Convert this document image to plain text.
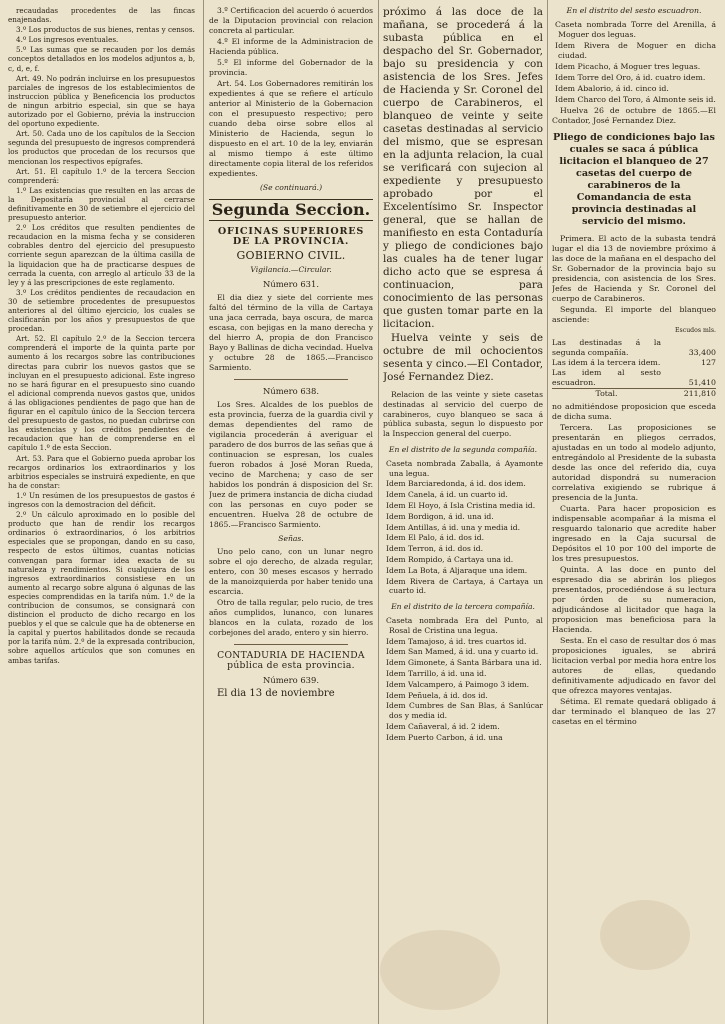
recaudadas procedentes de las fincas enajenadas.

3.º Los productos de sus bienes, rentas y censos.

4.º Los ingresos eventuales.

5.º Las sumas que se recauden por los demás conceptos detallados en los modelos adjuntos a, b, c, d, e, f.

Art. 49. No podrán incluirse en los presupuestos parciales de ingresos de los establecimientos de instruccion pública y Beneficencia los productos de ningun arbitrio especial, sin que se haya autorizado por el Gobierno, prévia la instruccion del oportuno expediente.

Art. 50. Cada uno de los capítulos de la Seccion segunda del presupuesto de ingresos comprenderá los productos que procedan de los recursos que mencionan los respectivos epígrafes.

Art. 51. El capítulo 1.º de la tercera Seccion comprenderá:

1.º Las existencias que resulten en las arcas de la Depositaría provincial al cerrarse definitivamente en 30 de setiembre el ejercicio del presupuesto anterior.

2.º Los créditos que resulten pendientes de recaudacion en la misma fecha y se consideren cobrables dentro del ejercicio del presupuesto corriente segun aparezcan de la última casilla de la liquidacion que ha de practicarse despues de cerrada la cuenta, con arreglo al artículo 33 de la ley y á las prescripciones de este reglamento.

3.º Los créditos pendientes de recaudacion en 30 de setiembre procedentes de presupuestos anteriores al del último ejercicio, los cuales se clasificarán por los años y presupuestos de que procedan.

Art. 52. El capítulo 2.º de la Seccion tercera comprenderá el importe de la quinta parte por aumento á los recargos sobre las contribuciones directas para cubrir los nuevos gastos que se incluyan en el presupuesto adicional. Este ingreso no se hará figurar en el presupuesto sino cuando el adicional comprenda nuevos gastos que, unidos á las obligaciones pendientes de pago que han de figurar en el capítulo único de la Seccion tercera del presupuesto de gastos, no puedan cubrirse con las existencias y los créditos pendientes de recaudacion que han de comprenderse en el capítulo 1.º de esta Seccion.

Art. 53. Para que el Gobierno pueda aprobar los recargos ordinarios los extraordinarios y los arbitrios especiales se instruirá expediente, en que ha de constar:

1.º Un resúmen de los presupuestos de gastos é ingresos con la demostracion del déficit.

2.º Un cálculo aproximado en lo posible del producto que han de rendir los recargos ordinarios ó extraordinarios, ó los arbitrios especiales que se propongan, dando en su caso, respecto de estos últimos, cuantas noticias convengan para formar idea exacta de su naturaleza y rendimientos. Si cualquiera de los ingresos extraordinarios consistiese en un aumento al recargo sobre alguna ó algunas de las especies comprendidas en la tarifa núm. 1.º de la contribucion de consumos, se consignará con distincion el producto de dicho recargo en los pueblos y el que se calcule que ha de obtenerse en la capital y puertos habilitados donde se recauda por la tarifa núm. 2.º de la expresada contribucion, sobre aquellos artículos que son comunes en ambas tarifas.

3.º Certificacion del acuerdo ó acuerdos de la Diputacion provincial con relacion concreta al particular.

4.º El informe de la Administracion de Hacienda pública.

5.º El informe del Gobernador de la provincia.

Art. 54. Los Gobernadores remitirán los expedientes á que se refiere el artículo anterior al Ministerio de la Gobernacion con el presupuesto respectivo; pero cuando deba oirse sobre ellos al Ministerio de Hacienda, segun lo dispuesto en el art. 10 de la ley, enviarán al mismo tiempo á este último directamente copia literal de los referidos expedientes.

(Se continuará.)
Segunda Seccion.
OFICINAS SUPERIORES DE LA PROVINCIA.
GOBIERNO CIVIL.
Vigilancia.—Circular.
Número 631.

El dia diez y siete del corriente mes faltó del término de la villa de Cartaya una jaca cerrada, baya oscura, de marca escasa, con bejigas en la mano derecha y del hierro A, propia de don Francisco Bayo y Ballinas de dicha vecindad. Huelva y octubre 28 de 1865.—Francisco Sarmiento.

Número 638.

Los Sres. Alcaldes de los pueblos de esta provincia, fuerza de la guardia civil y demas dependientes del ramo de vigilancia procederán á averiguar el paradero de dos burros de las señas que á continuacion se espresan, los cuales fueron robados á José Moran Rueda, vecino de Marchena; y caso de ser habidos los pondrán á disposicion del Sr. Juez de primera instancia de dicha ciudad con las personas en cuyo poder se encuentren. Huelva 28 de octubre de 1865.—Francisco Sarmiento.

Señas.

Uno pelo cano, con un lunar negro sobre el ojo derecho, de alzada regular, entero, con 30 meses escasos y herrado de la manoizquierda por haber tenido una escarcia.

Otro de talla regular, pelo rucio, de tres años cumplidos, lunanco, con lunares blancos en la culata, rozado de los corbejones del arado, entero y sin hierro.

CONTADURIA DE HACIENDA pública de esta provincia.
Número 639.

El dia 13 de noviembre

próximo á las doce de la mañana, se procederá á la subasta pública en el despacho del Sr. Gobernador, bajo su presidencia y con asistencia de los Sres. Jefes de Hacienda y Sr. Coronel del cuerpo de Carabineros, el blanqueo de veinte y seite casetas destinadas al servicio del mismo, que se espresan en la adjunta relacion, la cual se verificará con sujecion al expediente y presupuesto aprobado por el Excelentísimo Sr. Inspector general, que se hallan de manifiesto en esta Contaduría y pliego de condiciones bajo las cuales ha de tener lugar dicho acto que se espresa á continuacion, para conocimiento de las personas que gusten tomar parte en la licitacion.

Huelva veinte y seis de octubre de mil ochocientos sesenta y cinco.—El Contador, José Fernandez Diez.

Relacion de las veinte y siete casetas destinadas al servicio del cuerpo de carabineros, cuyo blanqueo se saca á pública subasta, segun lo dispuesto por la Inspeccion general del cuerpo.

En el distrito de la segunda compañía.

Caseta nombrada Zaballa, á Ayamonte una legua.

Idem Barciaredonda, á id. dos idem.

Idem Canela, á id. un cuarto id.

Idem El Hoyo, á Isla Cristina media id.

Idem Bordigon, á id. una id.

Idem Antillas, á id. una y media id.

Idem El Palo, á id. dos id.

Idem Terron, á id. dos id.

Idem Rompido, á Cartaya una id.

Idem La Bota, á Aljaraque una idem.

Idem Rivera de Cartaya, á Cartaya un cuarto id.

En el distrito de la tercera compañía.

Caseta nombrada Era del Punto, al Rosal de Cristina una legua.

Idem Tamajoso, á id. tres cuartos id.

Idem San Mamed, á id. una y cuarto id.

Idem Gimonete, á Santa Bárbara una id.

Idem Tarrillo, á id. una id.

Idem Valcampero, á Paimogo 3 idem.

Idem Peñuela, á id. dos id.

Idem Cumbres de San Blas, á Sanlúcar dos y media id.

Idem Cañaveral, á id. 2 idem.

Idem Puerto Carbon, á id. una

En el distrito del sesto escuadron.

Caseta nombrada Torre del Arenilla, á Moguer dos leguas.

Idem Rivera de Moguer en dicha ciudad.

Idem Picacho, á Moguer tres leguas.

Idem Torre del Oro, á id. cuatro idem.

Idem Abalorio, á id. cinco id.

Idem Charco del Toro, á Almonte seis id.

Huelva 26 de octubre de 1865.—El Contador, José Fernandez Diez.

Pliego de condiciones bajo las cuales se saca á pública licitacion el blanqueo de 27 casetas del cuerpo de carabineros de la Comandancia de esta provincia destinadas al servicio del mismo.

Primera. El acto de la subasta tendrá lugar el dia 13 de noviembre próximo á las doce de la mañana en el despacho del Sr. Gobernador de la provincia bajo su presidencia, con asistencia de los Sres. Jefes de Hacienda y Sr. Coronel del cuerpo de Carabineros.

Segunda. El importe del blanqueo asciende:

Escudos mls.
Las destinadas á la segunda compañía.	33,400
Las idem á la tercera idem.	127
Las idem al sesto escuadron.	51,410
Total.	211,810

no admitiéndose proposicion que esceda de dicha suma.

Tercera. Las proposiciones se presentarán en pliegos cerrados, ajustadas en un todo al modelo adjunto, entregándolo al Presidente de la subasta desde las once del referido dia, cuya autoridad dispondrá su numeracion correlativa exigiendo se rubrique á presencia de la Junta.

Cuarta. Para hacer proposicion es indispensable acompañar á la misma el resguardo talonario que acredite haber ingresado en la Caja sucursal de Depósitos el 10 por 100 del importe de los tres presupuestos.

Quinta. A las doce en punto del espresado dia se abrirán los pliegos presentados, procediéndose á su lectura por órden de su numeracion, adjudicándose al licitador que haga la proposicion mas beneficiosa para la Hacienda.

Sesta. En el caso de resultar dos ó mas proposiciones iguales, se abrirá licitacion verbal por media hora entre los autores de ellas, quedando definitivamente adjudicado en favor del que ofrezca mayores ventajas.

Sétima. El remate quedará obligado á dar terminado el blanqueo de las 27 casetas en el término
